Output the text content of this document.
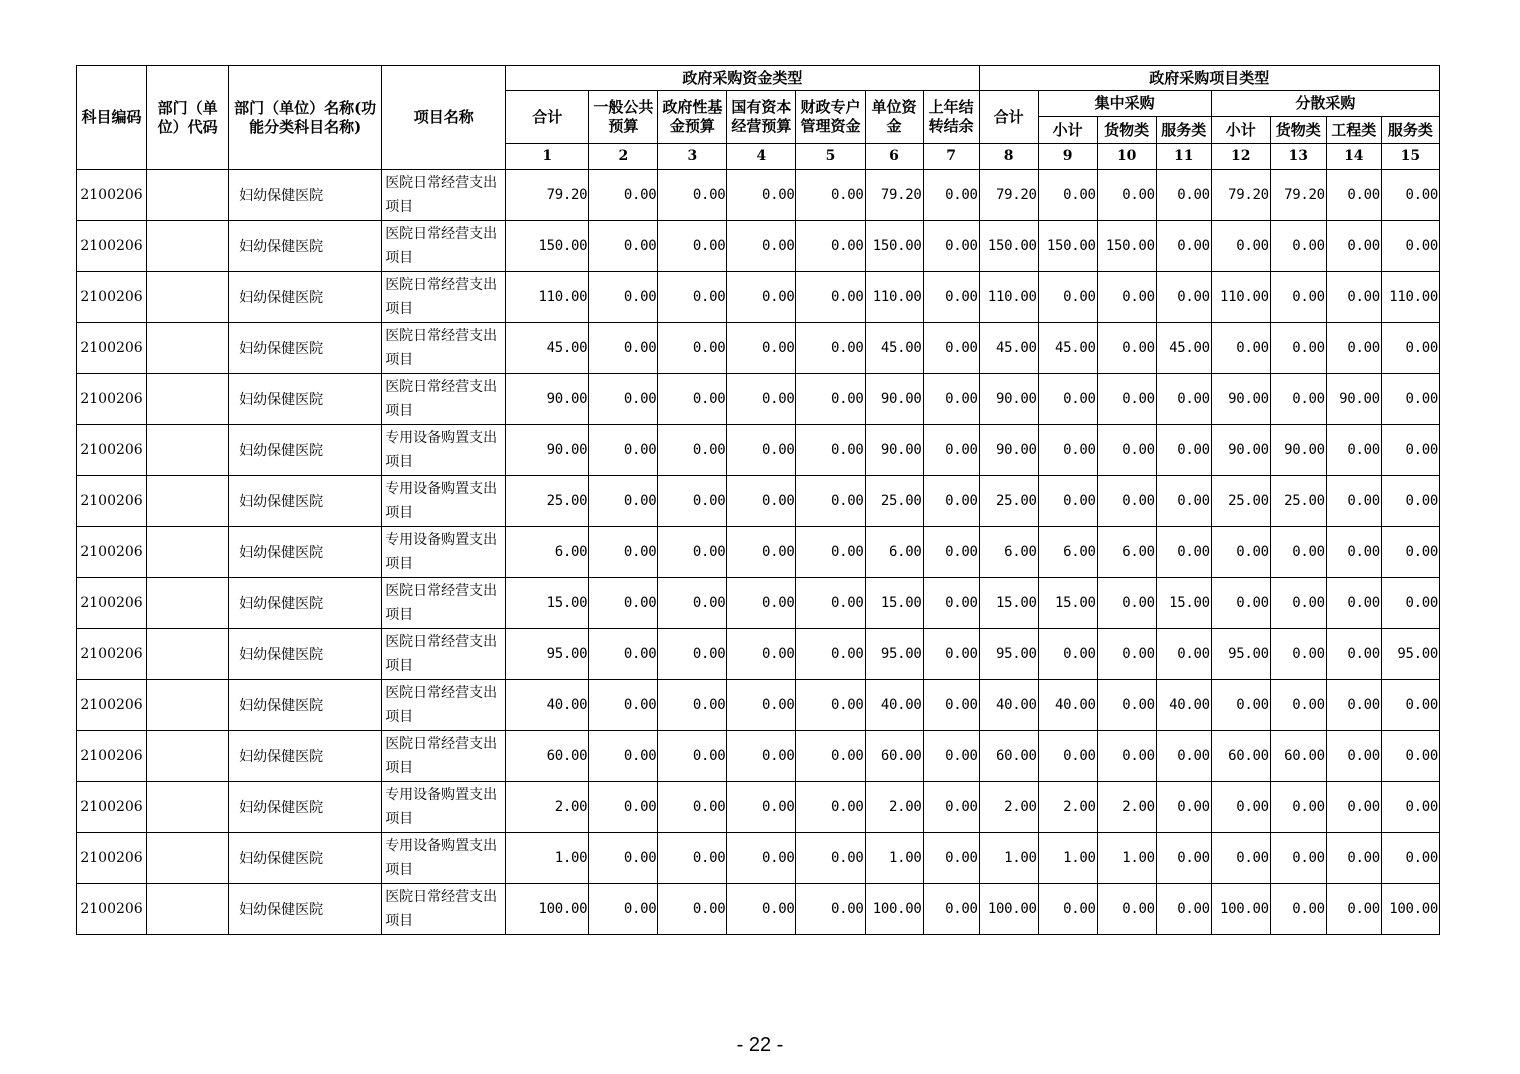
科目编码	部门（单位）代码	部门（单位）名称(功能分类科目名称)	项目名称	政府采购资金类型							政府采购项目类型							
				合计	一般公共预算	政府性基金预算	国有资本经营预算	财政专户管理资金	单位资金	上年结转结余	合计	集中采购			分散采购			
												小计	货物类	服务类	小计	货物类	工程类	服务类
				1	2	3	4	5	6	7	8	9	10	11	12	13	14	15
2100206		妇幼保健医院	医院日常经营支出项目	79.20	0.00	0.00	0.00	0.00	79.20	0.00	79.20	0.00	0.00	0.00	79.20	79.20	0.00	0.00
2100206		妇幼保健医院	医院日常经营支出项目	150.00	0.00	0.00	0.00	0.00	150.00	0.00	150.00	150.00	150.00	0.00	0.00	0.00	0.00	0.00
2100206		妇幼保健医院	医院日常经营支出项目	110.00	0.00	0.00	0.00	0.00	110.00	0.00	110.00	0.00	0.00	0.00	110.00	0.00	0.00	110.00
2100206		妇幼保健医院	医院日常经营支出项目	45.00	0.00	0.00	0.00	0.00	45.00	0.00	45.00	45.00	0.00	45.00	0.00	0.00	0.00	0.00
2100206		妇幼保健医院	医院日常经营支出项目	90.00	0.00	0.00	0.00	0.00	90.00	0.00	90.00	0.00	0.00	0.00	90.00	0.00	90.00	0.00
2100206		妇幼保健医院	专用设备购置支出项目	90.00	0.00	0.00	0.00	0.00	90.00	0.00	90.00	0.00	0.00	0.00	90.00	90.00	0.00	0.00
2100206		妇幼保健医院	专用设备购置支出项目	25.00	0.00	0.00	0.00	0.00	25.00	0.00	25.00	0.00	0.00	0.00	25.00	25.00	0.00	0.00
2100206		妇幼保健医院	专用设备购置支出项目	6.00	0.00	0.00	0.00	0.00	6.00	0.00	6.00	6.00	6.00	0.00	0.00	0.00	0.00	0.00
2100206		妇幼保健医院	医院日常经营支出项目	15.00	0.00	0.00	0.00	0.00	15.00	0.00	15.00	15.00	0.00	15.00	0.00	0.00	0.00	0.00
2100206		妇幼保健医院	医院日常经营支出项目	95.00	0.00	0.00	0.00	0.00	95.00	0.00	95.00	0.00	0.00	0.00	95.00	0.00	0.00	95.00
2100206		妇幼保健医院	医院日常经营支出项目	40.00	0.00	0.00	0.00	0.00	40.00	0.00	40.00	40.00	0.00	40.00	0.00	0.00	0.00	0.00
2100206		妇幼保健医院	医院日常经营支出项目	60.00	0.00	0.00	0.00	0.00	60.00	0.00	60.00	0.00	0.00	0.00	60.00	60.00	0.00	0.00
2100206		妇幼保健医院	专用设备购置支出项目	2.00	0.00	0.00	0.00	0.00	2.00	0.00	2.00	2.00	2.00	0.00	0.00	0.00	0.00	0.00
2100206		妇幼保健医院	专用设备购置支出项目	1.00	0.00	0.00	0.00	0.00	1.00	0.00	1.00	1.00	1.00	0.00	0.00	0.00	0.00	0.00
2100206		妇幼保健医院	医院日常经营支出项目	100.00	0.00	0.00	0.00	0.00	100.00	0.00	100.00	0.00	0.00	0.00	100.00	0.00	0.00	100.00
- 22 -
